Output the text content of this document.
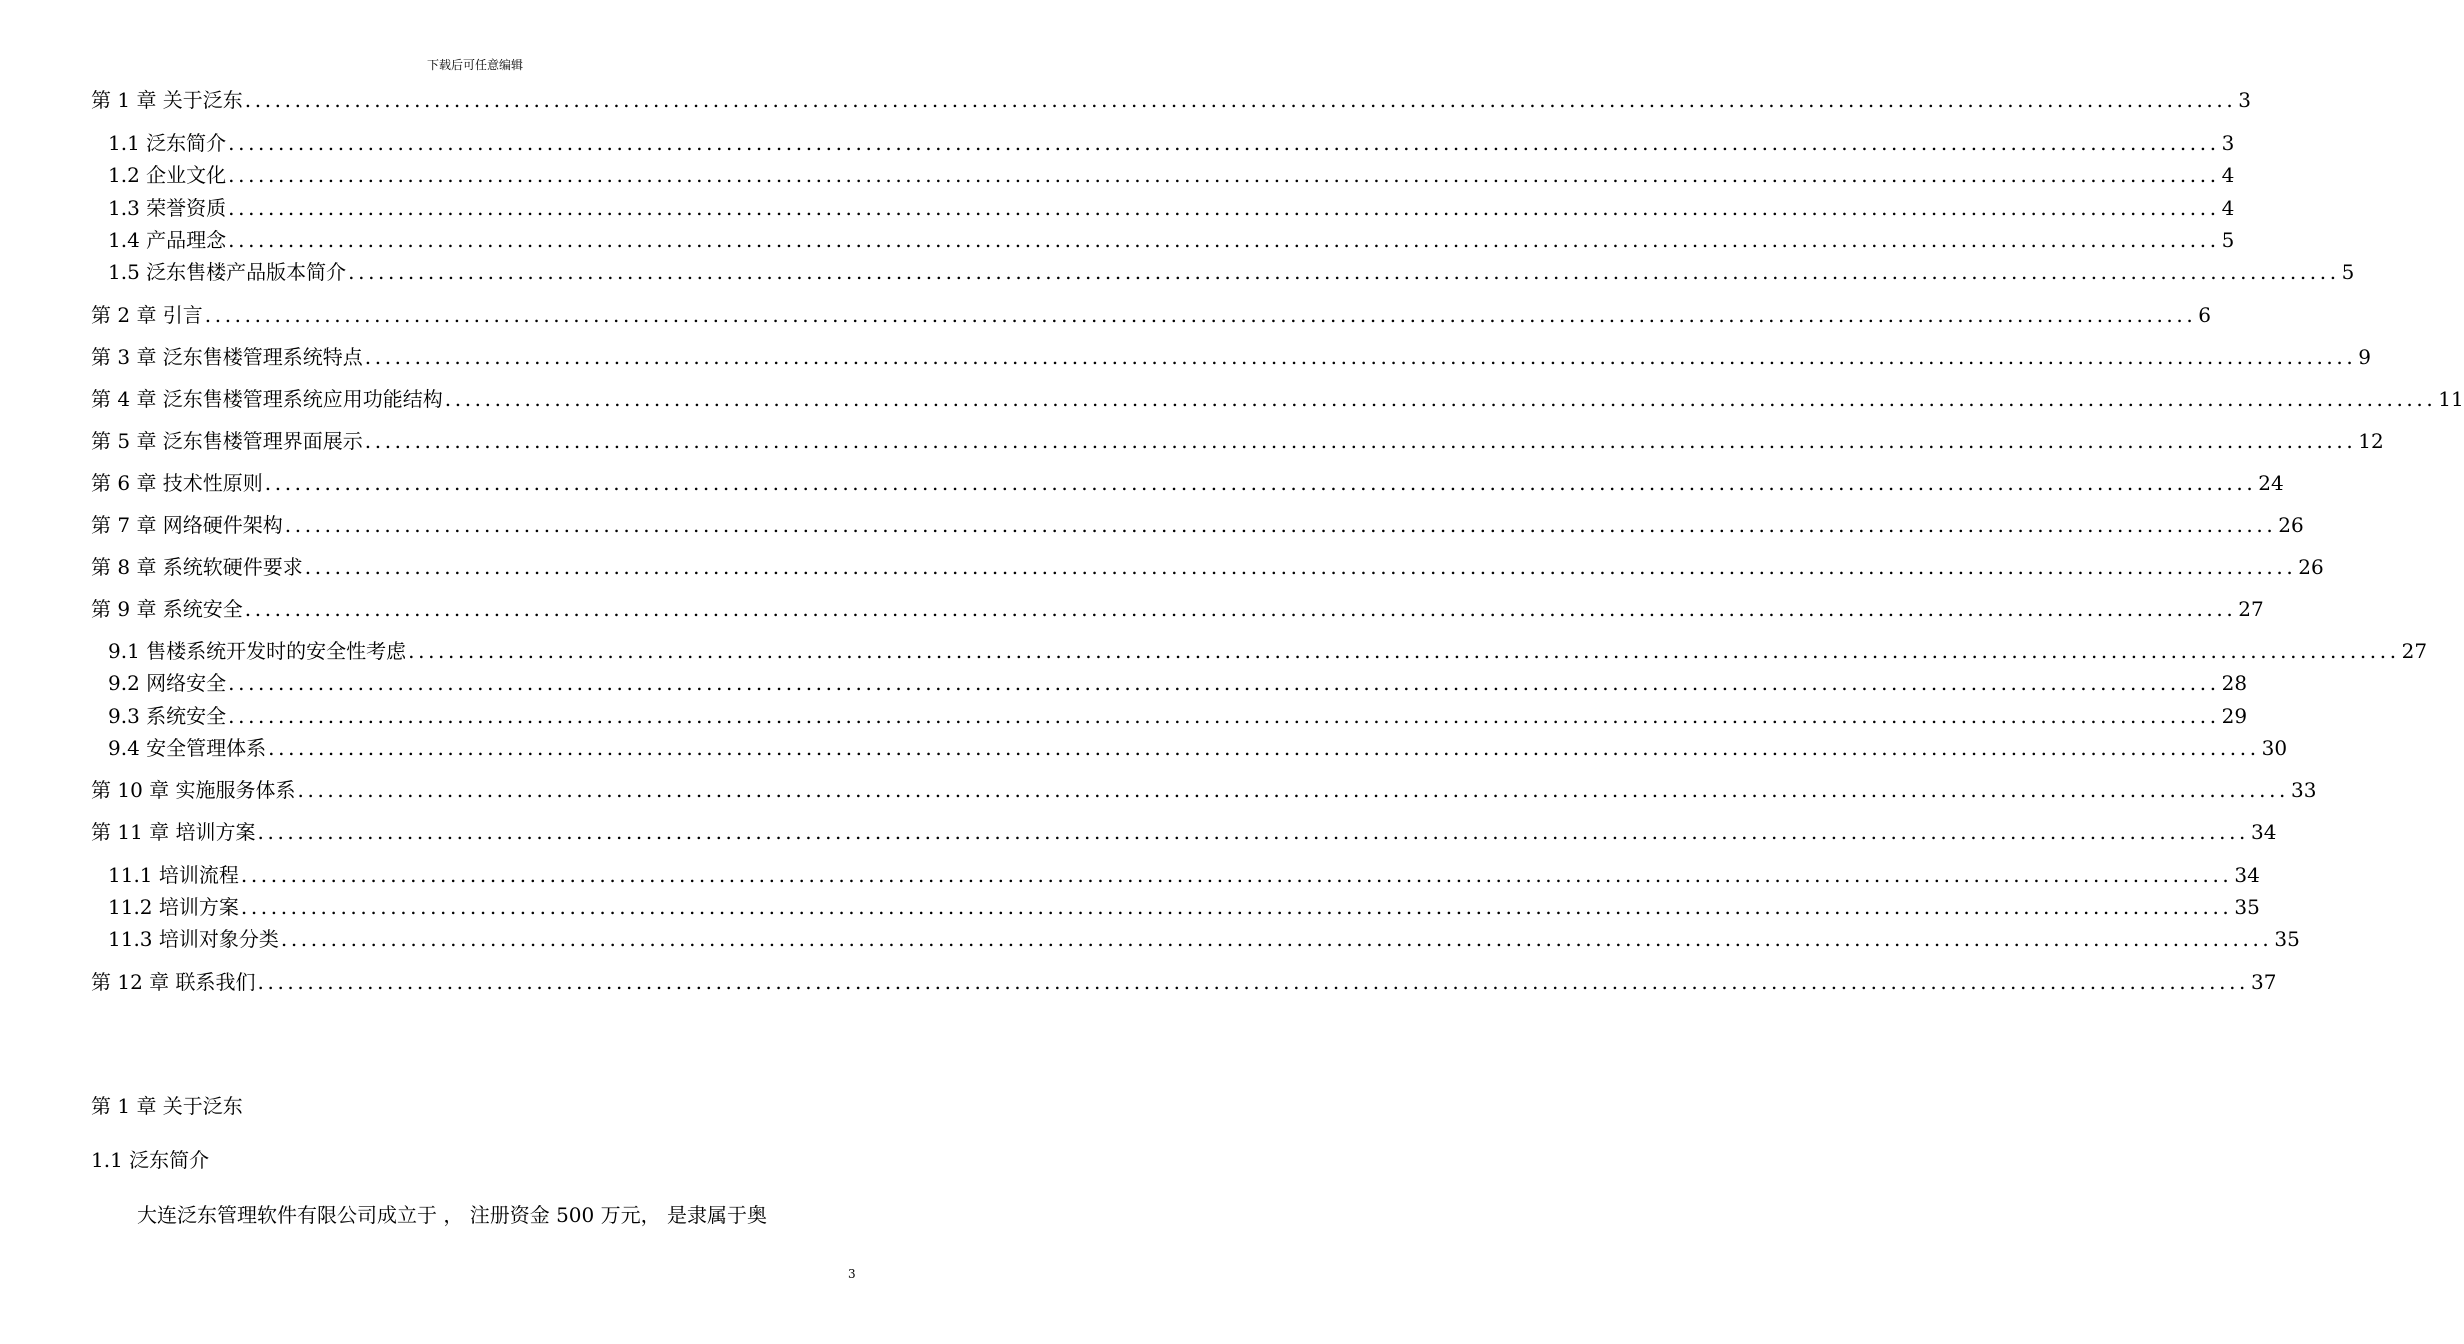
下载后可任意编辑
第 1 章 关于泛东 ........................................................................................................................................................................................................ 3
1.1 泛东简介 ........................................................................................................................................................................................................ 3
1.2 企业文化 ........................................................................................................................................................................................................ 4
1.3 荣誉资质 ........................................................................................................................................................................................................ 4
1.4 产品理念 ........................................................................................................................................................................................................ 5
1.5 泛东售楼产品版本简介 ........................................................................................................................................................................................................ 5
第 2 章 引言 ........................................................................................................................................................................................................ 6
第 3 章 泛东售楼管理系统特点 ........................................................................................................................................................................................................ 9
第 4 章 泛东售楼管理系统应用功能结构 ........................................................................................................................................................................................................ 11
第 5 章 泛东售楼管理界面展示 ........................................................................................................................................................................................................ 12
第 6 章 技术性原则 ........................................................................................................................................................................................................ 24
第 7 章 网络硬件架构 ........................................................................................................................................................................................................ 26
第 8 章 系统软硬件要求 ........................................................................................................................................................................................................ 26
第 9 章 系统安全 ........................................................................................................................................................................................................ 27
9.1 售楼系统开发时的安全性考虑 ........................................................................................................................................................................................................ 27
9.2 网络安全 ........................................................................................................................................................................................................ 28
9.3 系统安全 ........................................................................................................................................................................................................ 29
9.4 安全管理体系 ........................................................................................................................................................................................................ 30
第 10 章 实施服务体系 ........................................................................................................................................................................................................ 33
第 11 章 培训方案 ........................................................................................................................................................................................................ 34
11.1 培训流程 ........................................................................................................................................................................................................ 34
11.2 培训方案 ........................................................................................................................................................................................................ 35
11.3 培训对象分类 ........................................................................................................................................................................................................ 35
第 12 章 联系我们 ........................................................................................................................................................................................................ 37
第 1 章 关于泛东
1.1 泛东简介
大连泛东管理软件有限公司成立于 ， 注册资金 500 万元， 是隶属于奥
3
